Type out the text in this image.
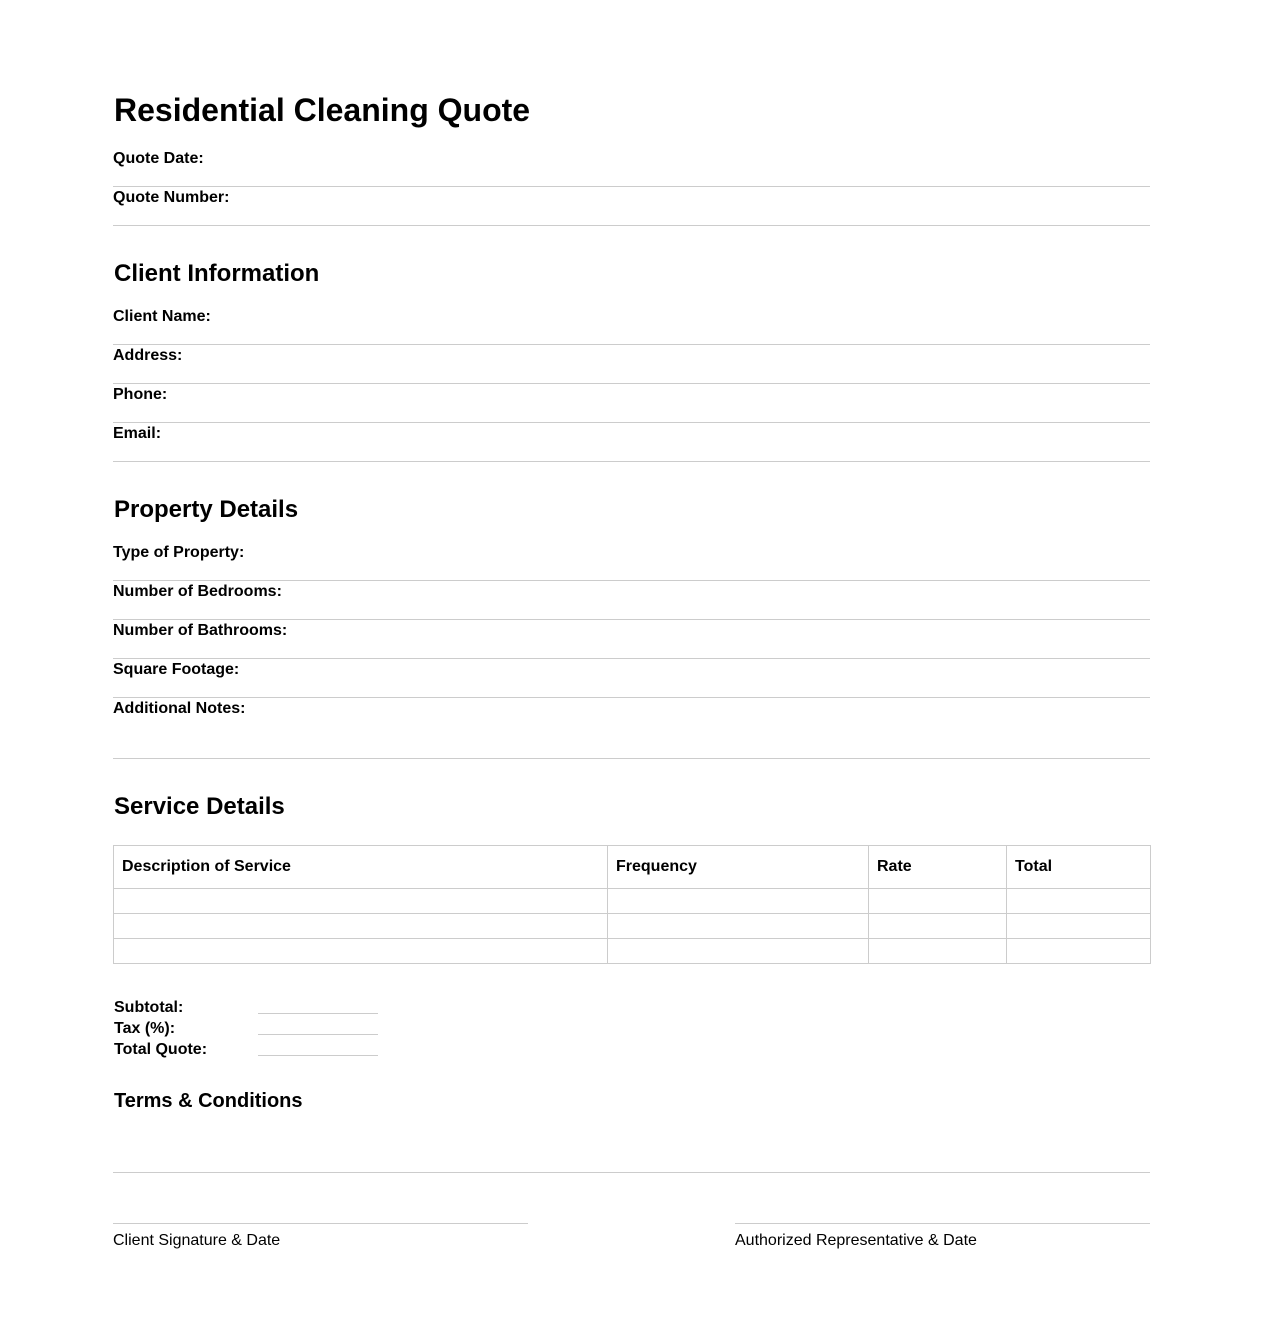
Residential Cleaning Quote
Quote Date:
Quote Number:
Client Information
Client Name:
Address:
Phone:
Email:
Property Details
Type of Property:
Number of Bedrooms:
Number of Bathrooms:
Square Footage:
Additional Notes:
Service Details
Description of Service	Frequency	Rate	Total

Subtotal:
Tax (%):
Total Quote:
Terms & Conditions
Client Signature & Date	Authorized Representative & Date
